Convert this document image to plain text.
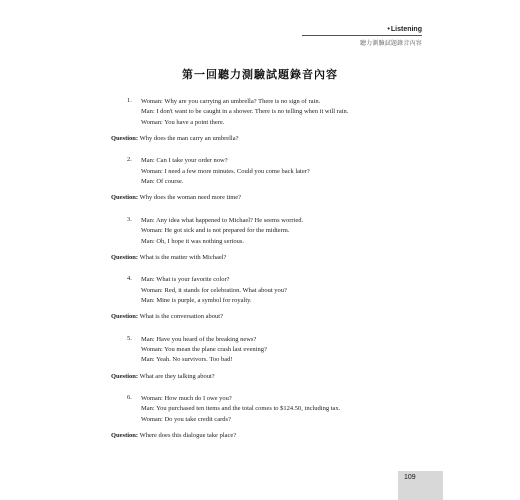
•Listening
聽力測驗試題錄音內容
第一回聽力測驗試題錄音內容
1. Woman: Why are you carrying an umbrella? There is no sign of rain.
Man: I don't want to be caught in a shower. There is no telling when it will rain.
Woman: You have a point there.
Question: Why does the man carry an umbrella?
2. Man: Can I take your order now?
Woman: I need a few more minutes. Could you come back later?
Man: Of course.
Question: Why does the woman need more time?
3. Man: Any idea what happened to Michael? He seems worried.
Woman: He got sick and is not prepared for the midterm.
Man: Oh, I hope it was nothing serious.
Question: What is the matter with Michael?
4. Man: What is your favorite color?
Woman: Red, it stands for celebration. What about you?
Man: Mine is purple, a symbol for royalty.
Question: What is the conversation about?
5. Man: Have you heard of the breaking news?
Woman: You mean the plane crash last evening?
Man: Yeah. No survivors. Too bad!
Question: What are they talking about?
6. Woman: How much do I owe you?
Man: You purchased ten items and the total comes to $124.50, including tax.
Woman: Do you take credit cards?
Question: Where does this dialogue take place?
109
